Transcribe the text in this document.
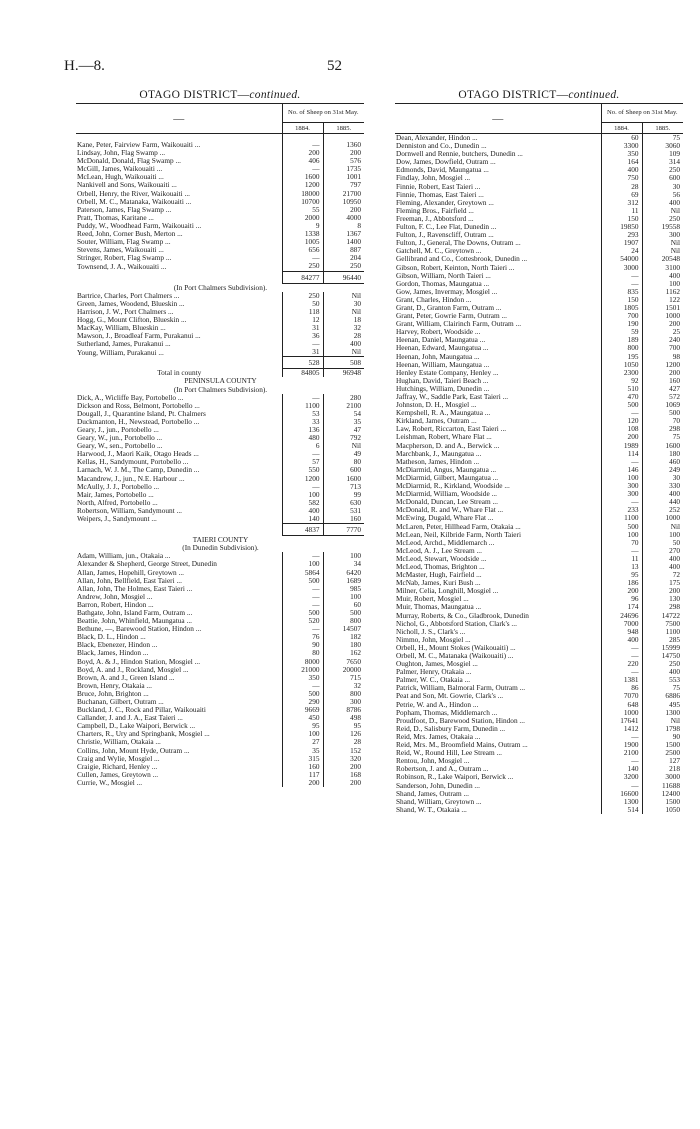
H.—8.	52
OTAGO DISTRICT—continued.
—	No. of Sheep on 31st May.	
	1884.	1885.

Kane, Peter, Fairview Farm, Waikouaiti ...	—	1360
Lindsay, John, Flag Swamp ...	200	200
McDonald, Donald, Flag Swamp ...	406	576
McGill, James, Waikouaiti ...	—	1735
McLean, Hugh, Waikouaiti ...	1600	1001
Nankivell and Sons, Waikouaiti ...	1200	797
Orbell, Henry, the River, Waikouaiti ...	18000	21700
Orbell, M. C., Matanaka, Waikouaiti ...	10700	10950
Paterson, James, Flag Swamp ...	55	200
Pratt, Thomas, Karitane ...	2000	4000
Puddy, W., Woodhead Farm, Waikouaiti ...	9	8
Reed, John, Corner Bush, Merton ...	1338	1367
Souter, William, Flag Swamp ...	1005	1400
Stevens, James, Waikouaiti ...	656	887
Stringer, Robert, Flag Swamp ...	—	204
Townsend, J. A., Waikouaiti ...	250	250
	84277	96440
(In Port Chalmers Subdivision).		
Bartrice, Charles, Port Chalmers ...	250	Nil
Green, James, Woodend, Blueskin ...	50	30
Harrison, J. W., Port Chalmers ...	118	Nil
Hogg, G., Mount Clifton, Blueskin ...	12	18
MacKay, William, Blueskin ...	31	32
Mawson, J., Broadleaf Farm, Purakanui ...	36	28
Sutherland, James, Purakanui ...	—	400
Young, William, Purakanui ...	31	Nil
	528	508
Total in county	84805	96948
PENINSULA COUNTY		
(In Port Chalmers Subdivision).		
Dick, A., Wicliffe Bay, Portobello ...	—	280
Dickson and Ross, Belmont, Portobello ...	1100	2100
Dougall, J., Quarantine Island, Pt. Chalmers	53	54
Duckmanton, H., Newstead, Portobello ...	33	35
Geary, J., jun., Portobello ...	136	47
Geary, W., jun., Portobello ...	480	792
Geary, W., sen., Portobello ...	6	Nil
Harwood, J., Maori Kaik, Otago Heads ...	—	49
Kellas, H., Sandymount, Portobello ...	57	80
Larnach, W. J. M., The Camp, Dunedin ...	550	600
Macandrew, J., jun., N.E. Harbour ...	1200	1600
McAully, J. J., Portobello ...	—	713
Mair, James, Portobello ...	100	99
North, Alfred, Portobello ...	582	630
Robertson, William, Sandymount ...	400	531
Weipers, J., Sandymount ...	140	160
	4837	7770
TAIERI COUNTY		
(In Dunedin Subdivision).		
Adam, William, jun., Otakaia ...	—	100
Alexander & Shepherd, George Street, Dunedin	100	34
Allan, James, Hopehill, Greytown ...	5864	6420
Allan, John, Bellfield, East Taieri ...	500	1689
Allan, John, The Holmes, East Taieri ...	—	985
Andrew, John, Mosgiel ...	—	100
Barron, Robert, Hindon ...	—	60
Bathgate, John, Island Farm, Outram ...	500	500
Beattie, John, Whinfield, Maungatua ...	520	800
Bethune, —, Barewood Station, Hindon ...	—	14507
Black, D. L., Hindon ...	76	182
Black, Ebenezer, Hindon ...	90	180
Black, James, Hindon ...	80	162
Boyd, A. & J., Hindon Station, Mosgiel ...	8000	7650
Boyd, A. and J., Rockland, Mosgiel ...	21000	20000
Brown, A. and J., Green Island ...	350	715
Brown, Henry, Otakaia ...	—	32
Bruce, John, Brighton ...	500	800
Buchanan, Gilbert, Outram ...	290	300
Buckland, J. C., Rock and Pillar, Waikouaiti	9669	8786
Callander, J. and J. A., East Taieri ...	450	498
Campbell, D., Lake Waipori, Berwick ...	95	95
Charters, R., Ury and Springbank, Mosgiel ...	100	126
Christie, William, Otakaia ...	27	28
Collins, John, Mount Hyde, Outram ...	35	152
Craig and Wylie, Mosgiel ...	315	320
Craigie, Richard, Henley ...	160	200
Cullen, James, Greytown ...	117	168
Currie, W., Mosgiel ...	200	200
OTAGO DISTRICT—continued.
—	No. of Sheep on 31st May.	
	1884.	1885.
Dean, Alexander, Hindon ...	60	75
Denniston and Co., Dunedin ...	3300	3060
Dornwell and Rennie, butchers, Dunedin ...	350	109
Dow, James, Dowfield, Outram ...	164	314
Edmonds, David, Maungatua ...	400	250
Findlay, John, Mosgiel ...	750	600
Finnie, Robert, East Taieri ...	28	30
Finnie, Thomas, East Taieri ...	69	56
Fleming, Alexander, Greytown ...	312	400
Fleming Bros., Fairfield ...	11	Nil
Freeman, J., Abbotsford ...	150	250
Fulton, F. C., Lee Flat, Dunedin ...	19850	19558
Fulton, J., Ravenscliff, Outram ...	293	300
Fulton, J., General, The Downs, Outram ...	1907	Nil
Gatchell, M. C., Greytown ...	24	Nil
Gellibrand and Co., Cottesbrook, Dunedin ...	54000	20548
Gibson, Robert, Keinton, North Taieri ...	3000	3100
Gibson, William, North Taieri ...	—	400
Gordon, Thomas, Maungatua ...	—	100
Gow, James, Invermay, Mosgiel ...	835	1162
Grant, Charles, Hindon ...	150	122
Grant, D., Granton Farm, Outram ...	1805	1501
Grant, Peter, Gowrie Farm, Outram ...	700	1000
Grant, William, Clairinch Farm, Outram ...	190	200
Harvey, Robert, Woodside ...	59	25
Heenan, Daniel, Maungatua ...	189	240
Heenan, Edward, Maungatua ...	800	700
Heenan, John, Maungatua ...	195	98
Heenan, William, Maungatua ...	1050	1200
Henley Estate Company, Henley ...	2300	200
Hughan, David, Taieri Beach ...	92	160
Hutchings, William, Dunedin ...	510	427
Jaffray, W., Saddle Park, East Taieri ...	470	572
Johnston, D. H., Mosgiel ...	500	1069
Kempshell, R. A., Maungatua ...	—	500
Kirkland, James, Outram ...	120	70
Law, Robert, Riccarton, East Taieri ...	108	298
Leishman, Robert, Whare Flat ...	200	75
Macpherson, D. and A., Berwick ...	1989	1600
Marchbank, J., Maungatua ...	114	180
Matheson, James, Hindon ...	—	460
McDiarmid, Angus, Maungatua ...	146	249
McDiarmid, Gilbert, Maungatua ...	100	30
McDiarmid, R., Kirkland, Woodside ...	300	330
McDiarmid, William, Woodside ...	300	400
McDonald, Duncan, Lee Stream ...	—	440
McDonald, R. and W., Whare Flat ...	233	252
McEwing, Dugald, Whare Flat ...	1100	1000
McLaren, Peter, Hillhead Farm, Otakaia ...	500	Nil
McLean, Neil, Kilbride Farm, North Taieri	100	100
McLeod, Archd., Middlemarch ...	70	50
McLeod, A. J., Lee Stream ...	—	270
McLeod, Stewart, Woodside ...	11	400
McLeod, Thomas, Brighton ...	13	400
McMaster, Hugh, Fairfield ...	95	72
McNab, James, Kuri Bush ...	186	175
Milner, Celia, Longhill, Mosgiel ...	200	200
Muir, Robert, Mosgiel ...	96	130
Muir, Thomas, Maungatua ...	174	298
Murray, Roberts, & Co., Gladbrook, Dunedin	24696	14722
Nichol, G., Abbotsford Station, Clark's ...	7000	7500
Nicholl, J. S., Clark's ...	948	1100
Nimmo, John, Mosgiel ...	400	285
Orbell, H., Mount Stokes (Waikouaiti) ...	—	15999
Orbell, M. C., Matanaka (Waikouaiti) ...	—	14750
Oughton, James, Mosgiel ...	220	250
Palmer, Henry, Otakaia ...	—	400
Palmer, W. C., Otakaia ...	1381	553
Patrick, William, Balmoral Farm, Outram ...	86	75
Peat and Son, Mt. Gowrie, Clark's ...	7070	6886
Petrie, W. and A., Hindon ...	648	495
Popham, Thomas, Middlemarch ...	1000	1300
Proudfoot, D., Barewood Station, Hindon ...	17641	Nil
Reid, D., Salisbury Farm, Dunedin ...	1412	1798
Reid, Mrs. James, Otakaia ...	—	90
Reid, Mrs. M., Broomfield Mains, Outram ...	1900	1500
Reid, W., Round Hill, Lee Stream ...	2100	2500
Rentou, John, Mosgiel ...	—	127
Robertson, J. and A., Outram ...	140	218
Robinson, R., Lake Waipori, Berwick ...	3200	3000
Sanderson, John, Dunedin ...	—	11688
Shand, James, Outram ...	16600	12400
Shand, William, Greytown ...	1300	1500
Shand, W. T., Otakaia ...	514	1050
